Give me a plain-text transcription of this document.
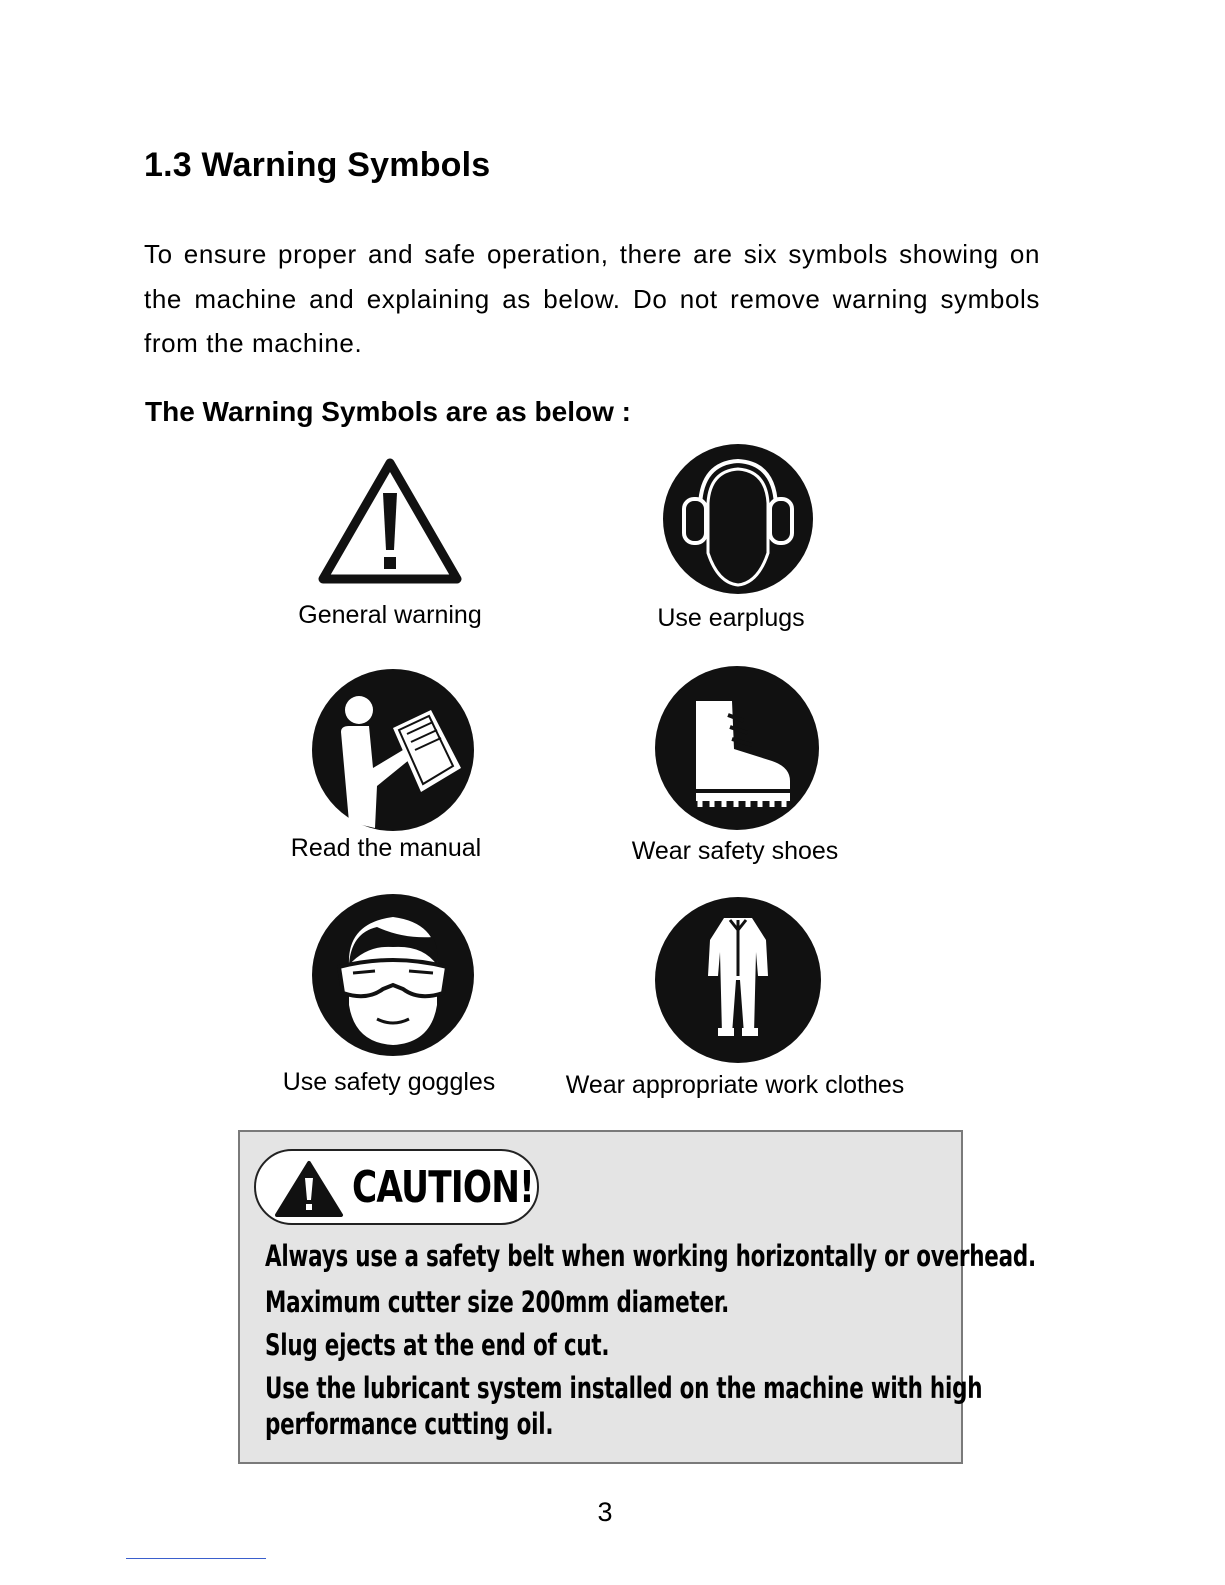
1.3 Warning Symbols

To ensure proper and safe operation, there are six symbols showing on the machine and explaining as below. Do not remove warning symbols from the machine.

The Warning Symbols are as below :
General warning	Use earplugs
Read the manual	Wear safety shoes
Use safety goggles	Wear appropriate work clothes
CAUTION!
Always use a safety belt when working horizontally or overhead.
Maximum cutter size 200mm diameter.
Slug ejects at the end of cut.
Use the lubricant system installed on the machine with high
performance cutting oil.
3
